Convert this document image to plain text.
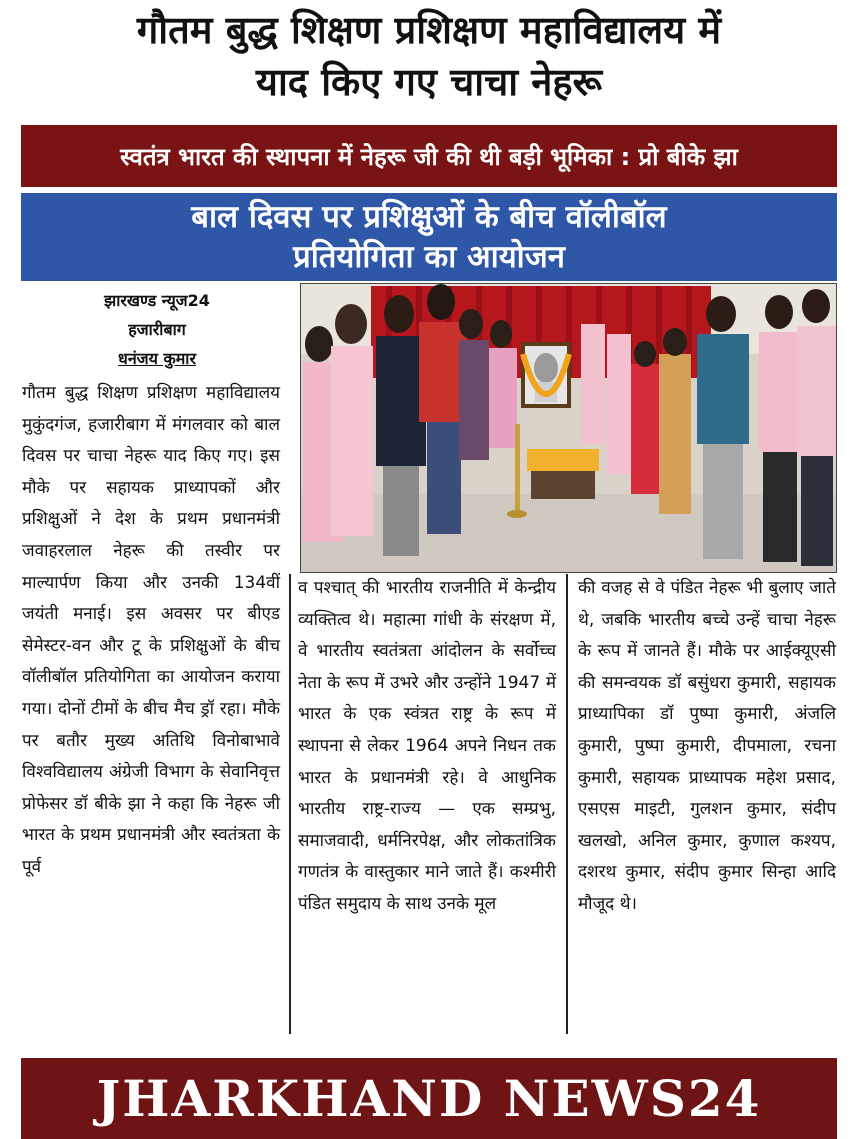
गौतम बुद्ध शिक्षण प्रशिक्षण महाविद्यालय में
याद किए गए चाचा नेहरू
स्वतंत्र भारत की स्थापना में नेहरू जी की थी बड़ी भूमिका : प्रो बीके झा
बाल दिवस पर प्रशिक्षुओं के बीच वॉलीबॉल
प्रतियोगिता का आयोजन
झारखण्ड न्यूज24
हजारीबाग
धनंजय कुमार
गौतम बुद्ध शिक्षण प्रशिक्षण महाविद्यालय मुकुंदगंज, हजारीबाग में मंगलवार को बाल दिवस पर चाचा नेहरू याद किए गए। इस मौके पर सहायक प्राध्यापकों और प्रशिक्षुओं ने देश के प्रथम प्रधानमंत्री जवाहरलाल नेहरू की तस्वीर पर माल्यार्पण किया और उनकी 134वीं जयंती मनाई। इस अवसर पर बीएड सेमेस्टर-वन और टू के प्रशिक्षुओं के बीच वॉलीबॉल प्रतियोगिता का आयोजन कराया गया। दोनों टीमों के बीच मैच ड्रॉ रहा। मौके पर बतौर मुख्य अतिथि विनोबाभावे विश्वविद्यालय अंग्रेजी विभाग के सेवानिवृत्त प्रोफेसर डॉ बीके झा ने कहा कि नेहरू जी भारत के प्रथम प्रधानमंत्री और स्वतंत्रता के पूर्व
व पश्चात् की भारतीय राजनीति में केन्द्रीय व्यक्तित्व थे। महात्मा गांधी के संरक्षण में, वे भारतीय स्वतंत्रता आंदोलन के सर्वोच्च नेता के रूप में उभरे और उन्होंने 1947 में भारत के एक स्वंत्रत राष्ट्र के रूप में स्थापना से लेकर 1964 अपने निधन तक भारत के प्रधानमंत्री रहे। वे आधुनिक भारतीय राष्ट्र-राज्य — एक सम्प्रभु, समाजवादी, धर्मनिरपेक्ष, और लोकतांत्रिक गणतंत्र के वास्तुकार माने जाते हैं। कश्मीरी पंडित समुदाय के साथ उनके मूल
की वजह से वे पंडित नेहरू भी बुलाए जाते थे, जबकि भारतीय बच्चे उन्हें चाचा नेहरू के रूप में जानते हैं। मौके पर आईक्यूएसी की समन्वयक डॉ बसुंधरा कुमारी, सहायक प्राध्यापिका डॉ पुष्पा कुमारी, अंजलि कुमारी, पुष्पा कुमारी, दीपमाला, रचना कुमारी, सहायक प्राध्यापक महेश प्रसाद, एसएस माइटी, गुलशन कुमार, संदीप खलखो, अनिल कुमार, कुणाल कश्यप, दशरथ कुमार, संदीप कुमार सिन्हा आदि मौजूद थे।
JHARKHAND NEWS24
